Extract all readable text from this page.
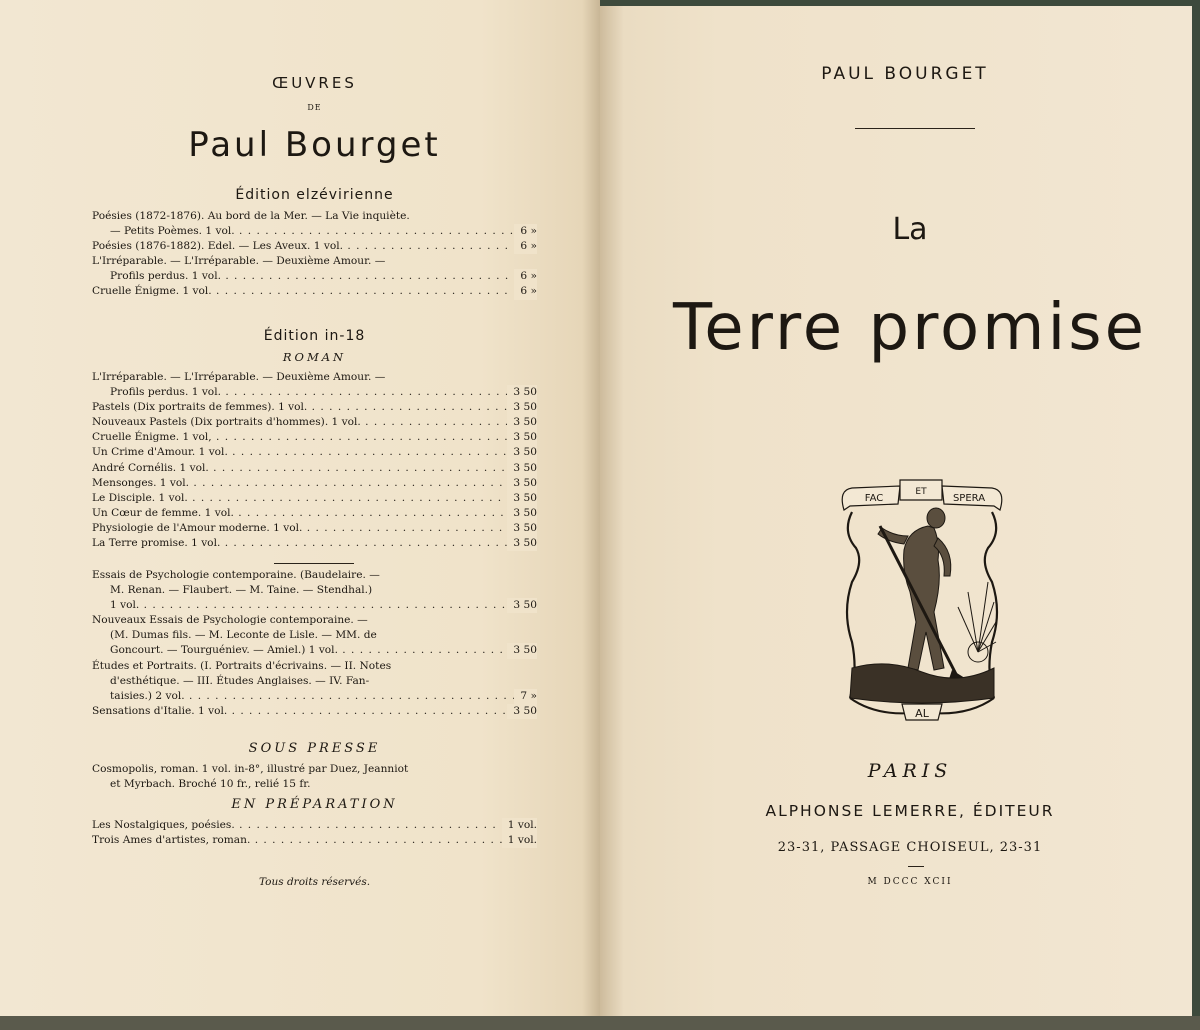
ŒUVRES
DE
Paul Bourget
Édition elzévirienne
Poésies (1872-1876). Au bord de la Mer. — La Vie inquiète.
— Petits Poèmes. 1 vol. . . .	6 »
Poésies (1876-1882). Edel. — Les Aveux. 1 vol. . . .	6 »
L'Irréparable. — L'Irréparable. — Deuxième Amour. —
Profils perdus. 1 vol. . . .	6 »
Cruelle Énigme. 1 vol. . . .	6 »
Édition in-18
ROMAN
L'Irréparable. — L'Irréparable. — Deuxième Amour. —
Profils perdus. 1 vol. . . .	3 50
Pastels (Dix portraits de femmes). 1 vol. . . .	3 50
Nouveaux Pastels (Dix portraits d'hommes). 1 vol. . . .	3 50
Cruelle Énigme. 1 vol, . . .	3 50
Un Crime d'Amour. 1 vol. . . .	3 50
André Cornélis. 1 vol. . . .	3 50
Mensonges. 1 vol. . . .	3 50
Le Disciple. 1 vol. . . .	3 50
Un Cœur de femme. 1 vol. . . .	3 50
Physiologie de l'Amour moderne. 1 vol. . . .	3 50
La Terre promise. 1 vol. . . .	3 50
Essais de Psychologie contemporaine. (Baudelaire. —
M. Renan. — Flaubert. — M. Taine. — Stendhal.)
1 vol. . . .	3 50
Nouveaux Essais de Psychologie contemporaine. —
(M. Dumas fils. — M. Leconte de Lisle. — MM. de
Goncourt. — Tourguéniev. — Amiel.) 1 vol. . . .	3 50
Études et Portraits. (I. Portraits d'écrivains. — II. Notes
d'esthétique. — III. Études Anglaises. — IV. Fan-
taisies.) 2 vol. . . .	7 »
Sensations d'Italie. 1 vol. . . .	3 50
SOUS PRESSE
Cosmopolis, roman. 1 vol. in-8°, illustré par Duez, Jeanniot
et Myrbach. Broché 10 fr., relié 15 fr.
EN PRÉPARATION
Les Nostalgiques, poésies. . . .	1 vol.
Trois Ames d'artistes, roman. . . .	1 vol.
Tous droits réservés.
PAUL BOURGET
La
Terre promise
FAC
ET
SPERA
AL
PARIS
ALPHONSE LEMERRE, ÉDITEUR
23-31, PASSAGE CHOISEUL, 23-31
M DCCC XCII
